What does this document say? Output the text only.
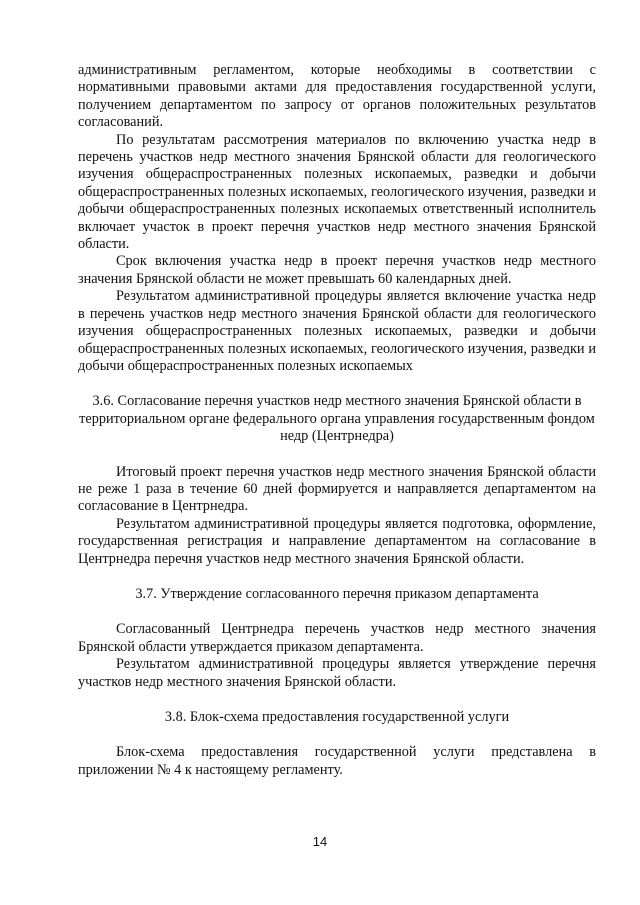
административным регламентом, которые необходимы в соответствии с нормативными правовыми актами для предоставления государственной услуги, получением департаментом по запросу от органов положительных результатов согласований.

По результатам рассмотрения материалов по включению участка недр в перечень участков недр местного значения Брянской области для геологического изучения общераспространенных полезных ископаемых, разведки и добычи общераспространенных полезных ископаемых, геологического изучения, разведки и добычи общераспространенных полезных ископаемых ответственный исполнитель включает участок в проект перечня участков недр местного значения Брянской области.

Срок включения участка недр в проект перечня участков недр местного значения Брянской области не может превышать 60 календарных дней.

Результатом административной процедуры является включение участка недр в перечень участков недр местного значения Брянской области для геологического изучения общераспространенных полезных ископаемых, разведки и добычи общераспространенных полезных ископаемых, геологического изучения, разведки и добычи общераспространенных полезных ископаемых

3.6. Согласование перечня участков недр местного значения Брянской области в территориальном органе федерального органа управления государственным фондом недр (Центрнедра)

Итоговый проект перечня участков недр местного значения Брянской области не реже 1 раза в течение 60 дней формируется и направляется департаментом на согласование в Центрнедра.

Результатом административной процедуры является подготовка, оформление, государственная регистрация и направление департаментом на согласование в Центрнедра перечня участков недр местного значения Брянской области.

3.7. Утверждение согласованного перечня приказом департамента

Согласованный Центрнедра перечень участков недр местного значения Брянской области утверждается приказом департамента.

Результатом административной процедуры является утверждение перечня участков недр местного значения Брянской области.

3.8. Блок-схема предоставления государственной услуги

Блок-схема предоставления государственной услуги представлена в приложении № 4 к настоящему регламенту.

14
